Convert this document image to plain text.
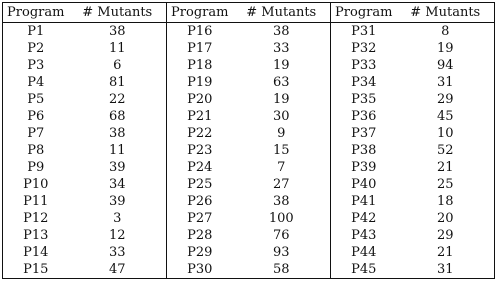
Program	# Mutants	Program	# Mutants	Program	# Mutants
P1	38	P16	38	P31	8
P2	11	P17	33	P32	19
P3	6	P18	19	P33	94
P4	81	P19	63	P34	31
P5	22	P20	19	P35	29
P6	68	P21	30	P36	45
P7	38	P22	9	P37	10
P8	11	P23	15	P38	52
P9	39	P24	7	P39	21
P10	34	P25	27	P40	25
P11	39	P26	38	P41	18
P12	3	P27	100	P42	20
P13	12	P28	76	P43	29
P14	33	P29	93	P44	21
P15	47	P30	58	P45	31
